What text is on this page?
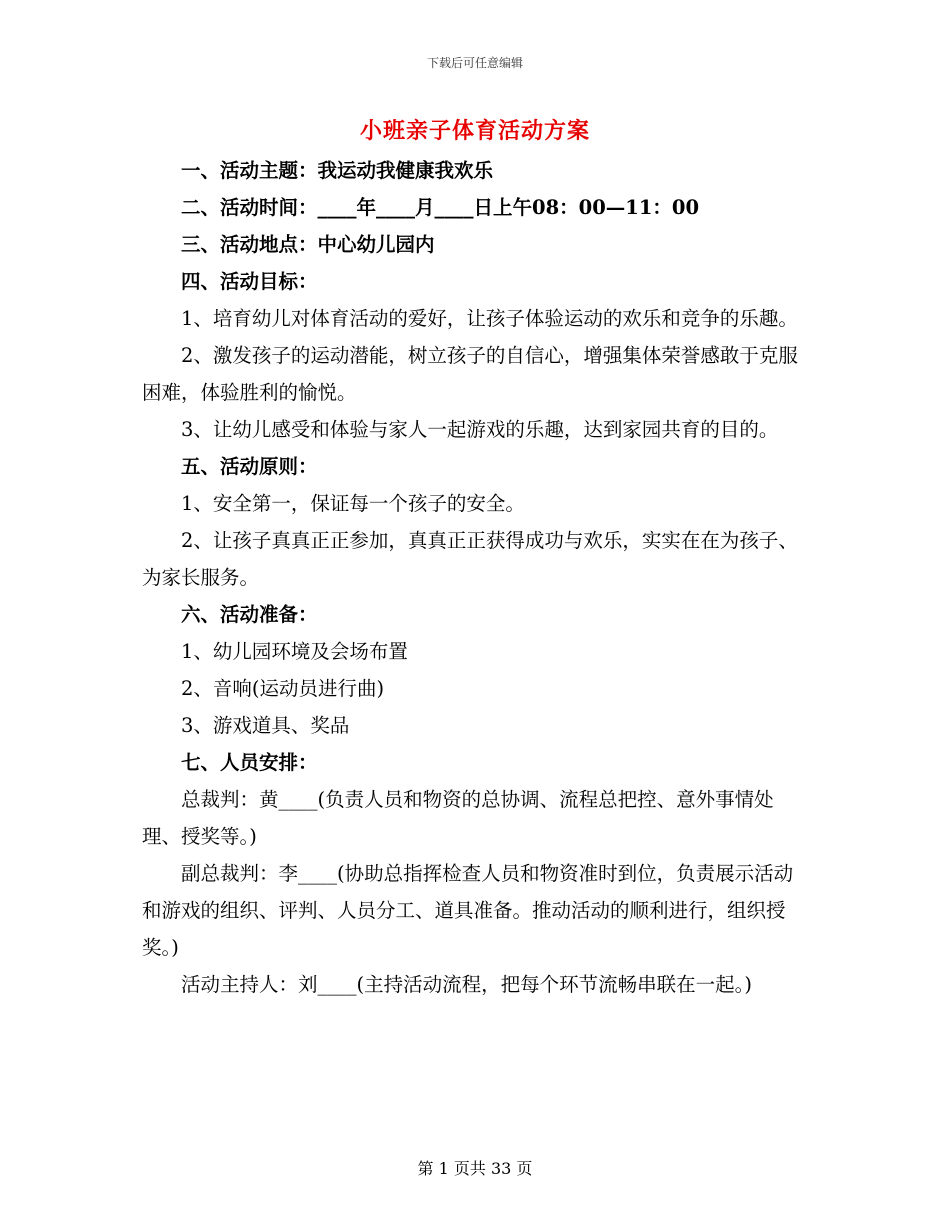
下载后可任意编辑
小班亲子体育活动方案
一、活动主题：我运动我健康我欢乐
二、活动时间：____年____月____日上午08：00—11：00
三、活动地点：中心幼儿园内
四、活动目标：
1、培育幼儿对体育活动的爱好，让孩子体验运动的欢乐和竞争的乐趣。
2、激发孩子的运动潜能，树立孩子的自信心，增强集体荣誉感敢于克服困难，体验胜利的愉悦。
3、让幼儿感受和体验与家人一起游戏的乐趣，达到家园共育的目的。
五、活动原则：
1、安全第一，保证每一个孩子的安全。
2、让孩子真真正正参加，真真正正获得成功与欢乐，实实在在为孩子、为家长服务。
六、活动准备：
1、幼儿园环境及会场布置
2、音响(运动员进行曲)
3、游戏道具、奖品
七、人员安排：
总裁判：黄____(负责人员和物资的总协调、流程总把控、意外事情处理、授奖等。)
副总裁判：李____(协助总指挥检查人员和物资准时到位，负责展示活动和游戏的组织、评判、人员分工、道具准备。推动活动的顺利进行，组织授奖。)
活动主持人：刘____(主持活动流程，把每个环节流畅串联在一起。)
第 1 页共 33 页
